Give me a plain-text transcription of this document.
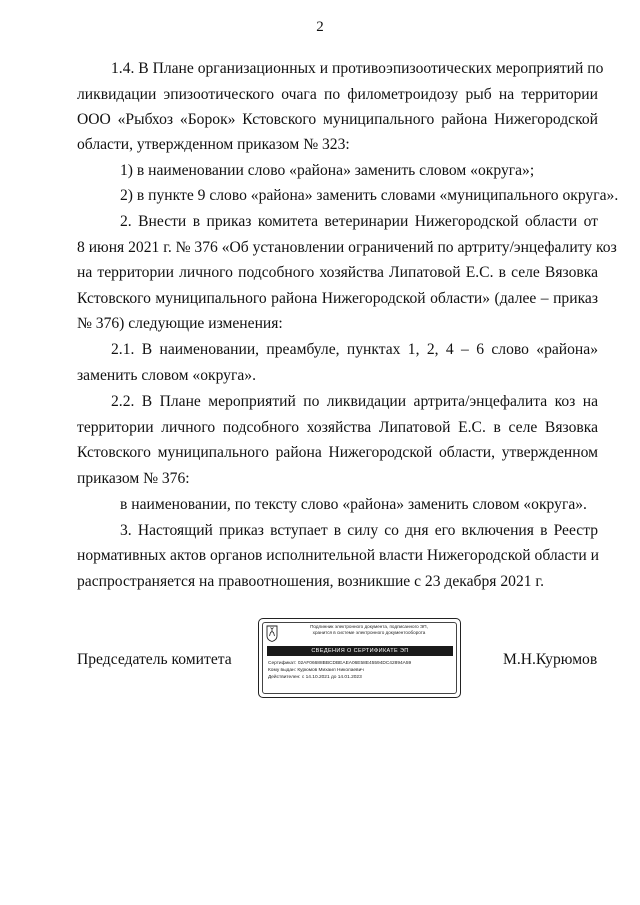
2
1.4. В Плане организационных и противоэпизоотических мероприятий по
ликвидации эпизоотического очага по филометроидозу рыб на территории
ООО «Рыбхоз «Борок» Кстовского муниципального района Нижегородской
области, утвержденном приказом № 323:
1) в наименовании слово «района» заменить словом «округа»;
2) в пункте 9 слово «района» заменить словами «муниципального округа».
2. Внести в приказ комитета ветеринарии Нижегородской области от
8 июня 2021 г. № 376 «Об установлении ограничений по артриту/энцефалиту коз
на территории личного подсобного хозяйства Липатовой Е.С. в селе Вязовка
Кстовского муниципального района Нижегородской области» (далее – приказ
№ 376) следующие изменения:
2.1. В наименовании, преамбуле, пунктах 1, 2, 4 – 6 слово «района»
заменить словом «округа».
2.2. В Плане мероприятий по ликвидации артрита/энцефалита коз на
территории личного подсобного хозяйства Липатовой Е.С. в селе Вязовка
Кстовского муниципального района Нижегородской области, утвержденном
приказом № 376:
в наименовании, по тексту слово «района» заменить словом «округа».
3. Настоящий приказ вступает в силу со дня его включения в Реестр
нормативных актов органов исполнительной власти Нижегородской области и
распространяется на правоотношения, возникшие с 23 декабря 2021 г.
Председатель комитета	М.Н.Курюмов
Подлинник электронного документа, подписанного ЭП,
хранится в системе электронного документооборота
СВЕДЕНИЯ О СЕРТИФИКАТЕ ЭП
Сертификат: 02AF06688BBCDBEAEA06E58E45594DC42894A59
Кому выдан: Курюмов Михаил Николаевич
Действителен: с 14.10.2021 до 14.01.2023
